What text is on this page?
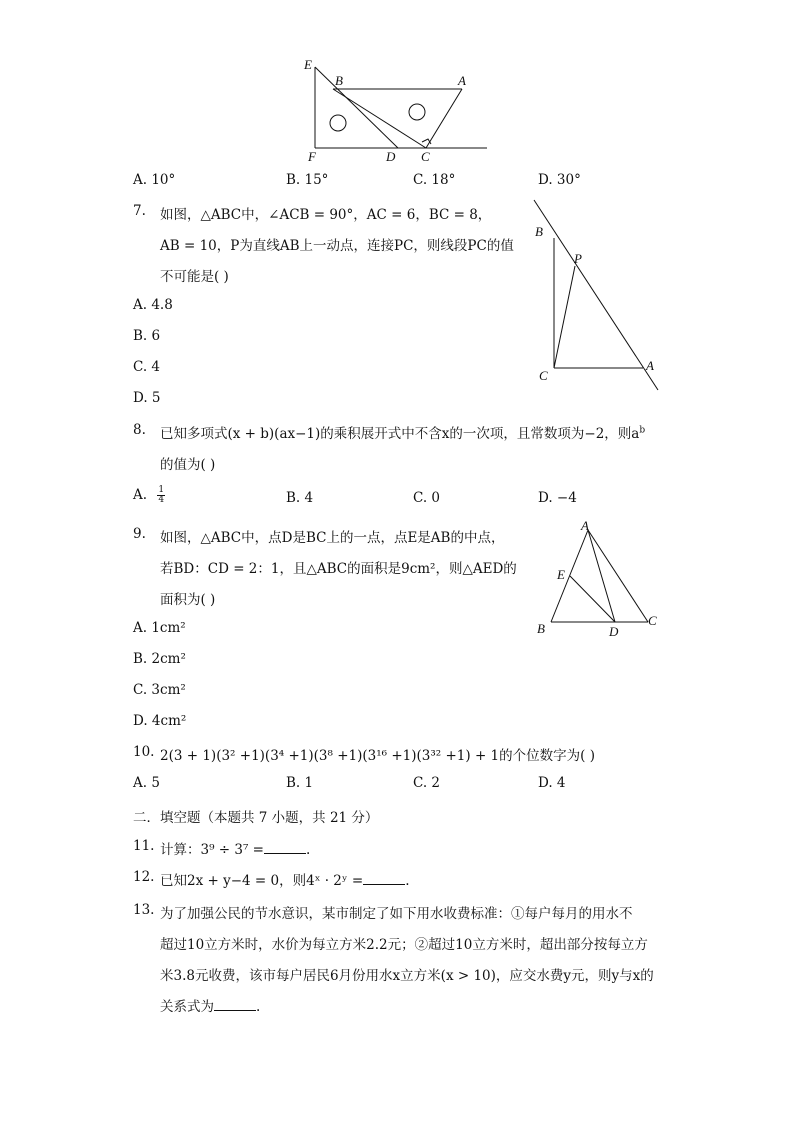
E
B	A
F	D C
A. 10°	B. 15°	C. 18°	D. 30°
7. 如图，△ABC中，∠ACB = 90°，AC = 6，BC = 8，
AB = 10，P为直线AB上一动点，连接PC，则线段PC的值
不可能是( )
A. 4.8
B. 6
C. 4
D. 5
B
P
C
A
8. 已知多项式(x + b)(ax−1)的乘积展开式中不含x的一次项，且常数项为−2，则$a^b$
的值为( )
A. $\frac{1}{4}$	B. 4	C. 0	D. −4
9. 如图，△ABC中，点D是BC上的一点，点E是AB的中点，
若BD：CD = 2：1，且△ABC的面积是9cm²，则△AED的
面积为( )
A. 1cm²
B. 2cm²
C. 3cm²
D. 4cm²
A
E
B	D
C
10. 2(3 + 1)(3² +1)(3⁴ +1)(3⁸ +1)(3¹⁶ +1)(3³² +1) + 1的个位数字为( )
A. 5	B. 1	C. 2	D. 4
二．填空题（本题共 7 小题，共 21 分）
11. 计算：3⁹ ÷ 3⁷ =	.
12. 已知2x + y−4 = 0，则4ˣ · 2ʸ =	.
13. 为了加强公民的节水意识，某市制定了如下用水收费标准：①每户每月的用水不
超过10立方米时，水价为每立方米2.2元；②超过10立方米时，超出部分按每立方
米3.8元收费，该市每户居民6月份用水x立方米(x > 10)，应交水费y元，则y与x的
关系式为	.
